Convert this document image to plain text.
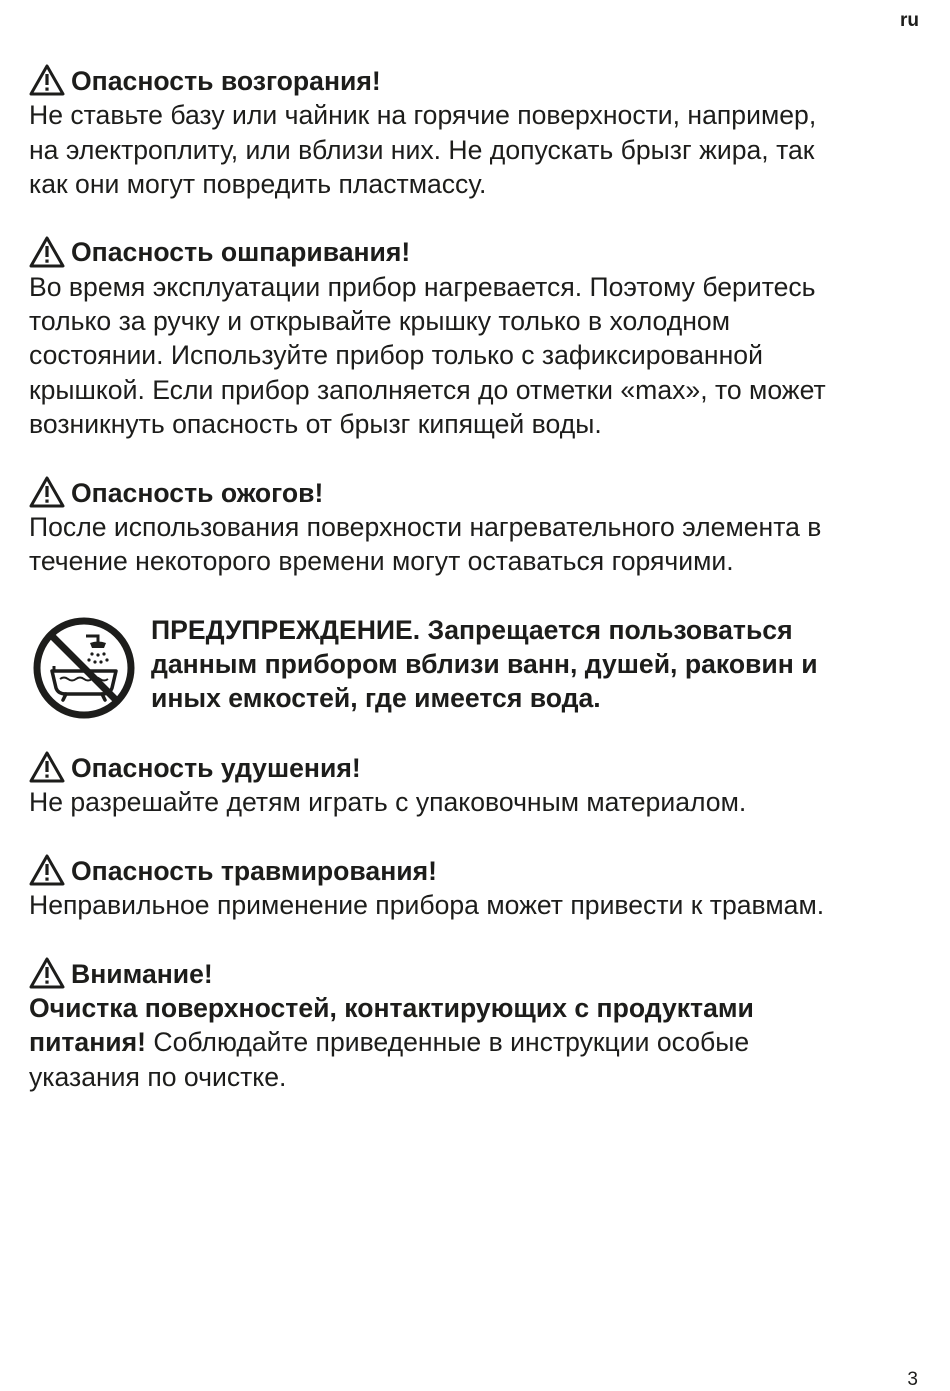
ru
Опасность возгорания!

Не ставьте базу или чайник на горячие поверхности, например,
на электроплиту, или вблизи них. Не допускать брызг жира, так
как они могут повредить пластмассу.

Опасность ошпаривания!

Во время эксплуатации прибор нагревается. Поэтому беритесь
только за ручку и открывайте крышку только в холодном
состоянии. Используйте прибор только с зафиксированной
крышкой. Если прибор заполняется до отметки «max», то может
возникнуть опасность от брызг кипящей воды.

Опасность ожогов!

После использования поверхности нагревательного элемента в
течение некоторого времени могут оставаться горячими.

ПРЕДУПРЕЖДЕНИЕ. Запрещается пользоваться
данным прибором вблизи ванн, душей, раковин и
иных емкостей, где имеется вода.

Опасность удушения!

Не разрешайте детям играть с упаковочным материалом.

Опасность травмирования!

Неправильное применение прибора может привести к травмам.

Внимание!

Очистка поверхностей, контактирующих с продуктами
питания! Соблюдайте приведенные в инструкции особые
указания по очистке.

3
